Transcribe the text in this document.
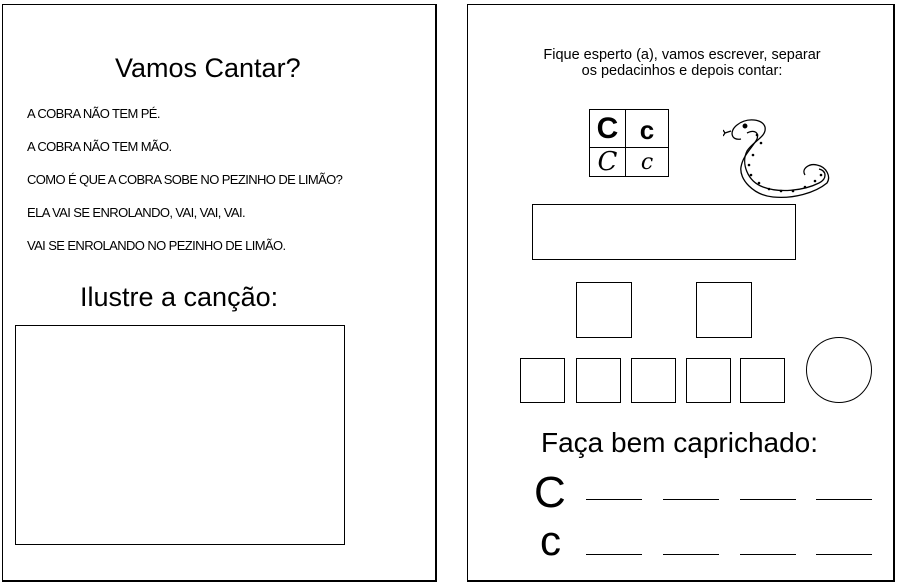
Vamos Cantar?
A COBRA NÃO TEM PÉ.
A COBRA NÃO TEM MÃO.
COMO É QUE A COBRA SOBE NO PEZINHO DE LIMÃO?
ELA VAI SE ENROLANDO, VAI, VAI, VAI.
VAI SE ENROLANDO NO PEZINHO DE LIMÃO.
Ilustre a canção:
Fique esperto (a), vamos escrever, separar
os pedacinhos e depois contar:
C c
C	c
Faça bem caprichado:
C
c
